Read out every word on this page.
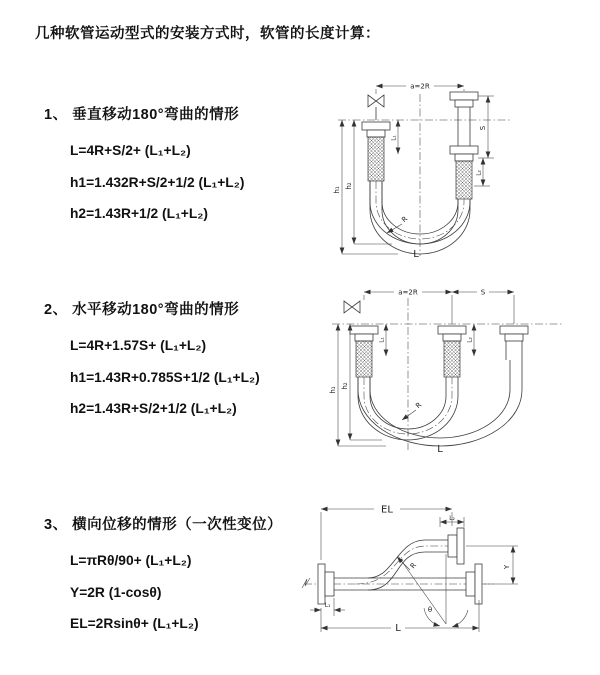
几种软管运动型式的安装方式时，软管的长度计算：
1、 垂直移动180°弯曲的情形
L=4R+S/2+ (L₁+L₂)
h1=1.432R+S/2+1/2 (L₁+L₂)
h2=1.43R+1/2 (L₁+L₂)
2、 水平移动180°弯曲的情形
L=4R+1.57S+ (L₁+L₂)
h1=1.43R+0.785S+1/2 (L₁+L₂)
h2=1.43R+S/2+1/2 (L₁+L₂)
3、 横向位移的情形（一次性变位）
L=πRθ/90+ (L₁+L₂)
Y=2R (1-cosθ)
EL=2Rsinθ+ (L₁+L₂)
a=2R
h₁
h₂
L₁
S
L₂
R
L
a=2R	S
h₁
h₂
L₁	L₂
R
L
EL
L₂
θ
R	Y
L₁
L
